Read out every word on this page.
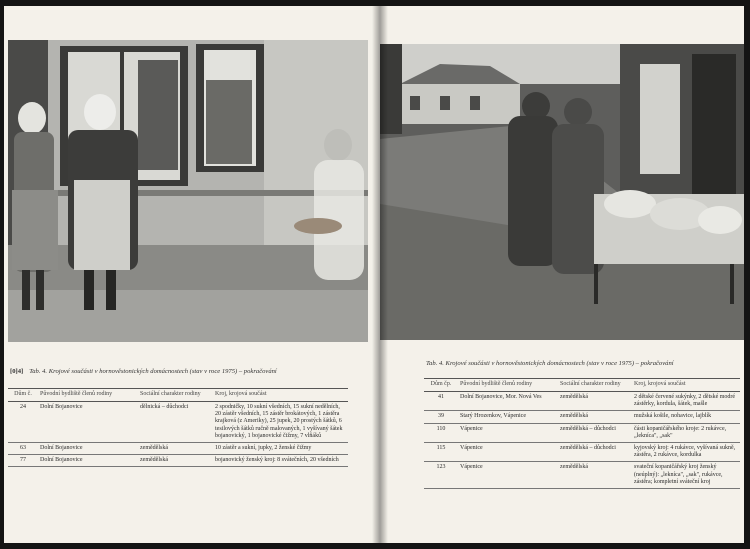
[0]4] Tab. 4. Krojové součásti v hornověstonických domácnostech (stav v roce 1975) – pokračování
Dům č.	Původní bydliště členů rodiny	Sociální charakter rodiny	Kroj, krojová součást
24	Dolní Bojanovice	dělnická – důchodci	2 spodničky, 10 sukní všedních, 15 sukní nedělních, 20 zástěr všedních, 15 zástěr brokátových, 1 zástěra krajková (z Ameriky), 25 jupek, 20 prostých šátků, 6 tesilových šátků ručně malovaných, 1 vyšívaný šátek bojanovický, 1 bojanovické čižmy, 7 vlňáků
63	Dolní Bojanovice	zemědělská	10 zástěr a sukní, jupky, 2 ženské čižmy
77	Dolní Bojanovice	zemědělská	bojanovický ženský kroj: 8 svátečních, 20 všedních
Tab. 4. Krojové součásti v hornověstonických domácnostech (stav v roce 1975) – pokračování
Dům čp.	Původní bydliště členů rodiny	Sociální charakter rodiny	Kroj, krojová součást
41	Dolní Bojanovice, Mor. Nová Ves	zemědělská	2 dětské červené sukýnky, 2 dětské modré zástěrky, kordula, šátek, mašle
39	Starý Hrozenkov, Vápenice	zemědělská	mužská košile, nohavice, lajblík
110	Vápenice	zemědělská – důchodci	části kopaničářského kroje: 2 rukávce, „lekníca", „sak"
115	Vápenice	zemědělská – důchodci	kyjovský kroj: 4 rukávce, vyšívaná sukně, zástěra, 2 rukávce, kordulka
123	Vápenice	zemědělská	svateční kopaničářský kroj ženský (neúplný): „lekníca", „sak", rukávce, zástěra; kompletní sváteční kroj
